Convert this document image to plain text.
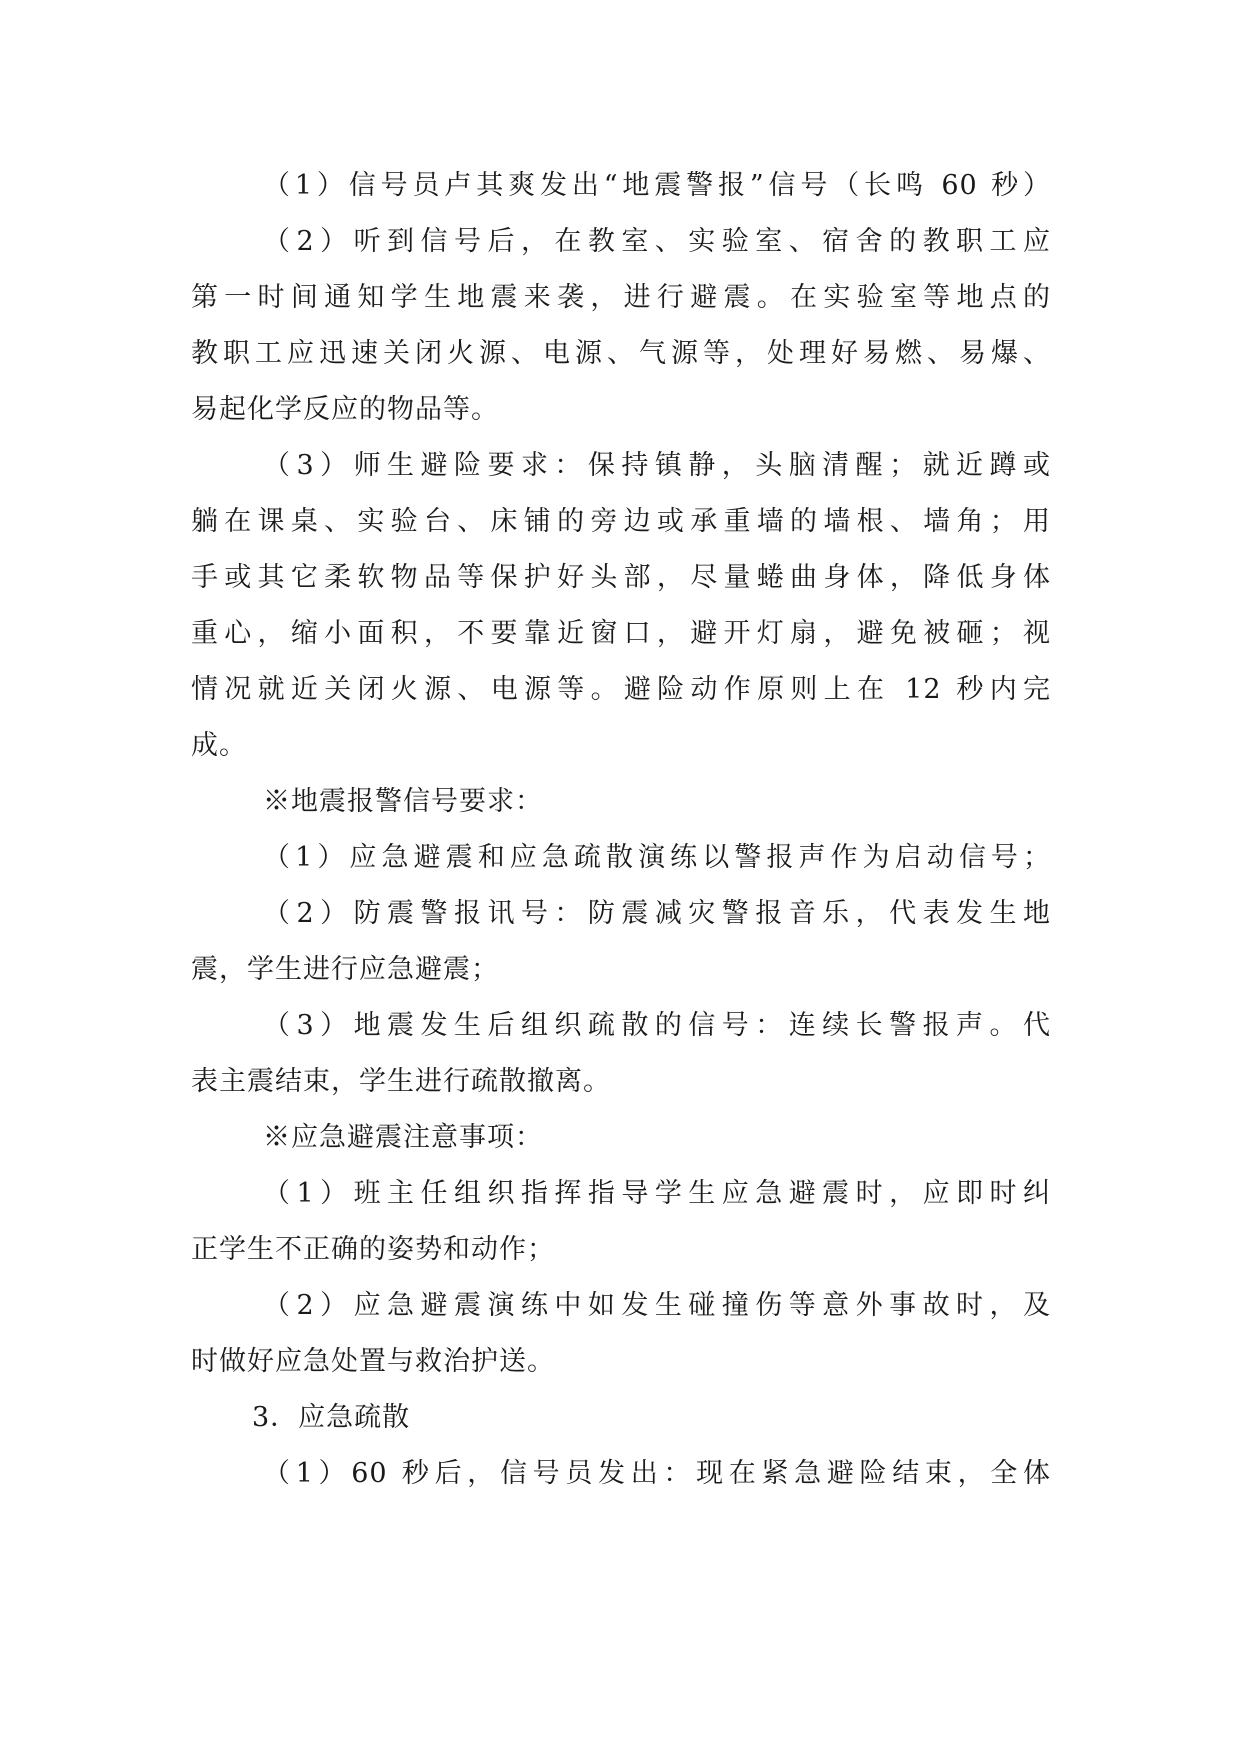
（1）信号员卢其爽发出“地震警报”信号（长鸣 60 秒）
（2）听到信号后，在教室、实验室、宿舍的教职工应
第一时间通知学生地震来袭，进行避震。在实验室等地点的
教职工应迅速关闭火源、电源、气源等，处理好易燃、易爆、
易起化学反应的物品等。
（3）师生避险要求：保持镇静，头脑清醒；就近蹲或
躺在课桌、实验台、床铺的旁边或承重墙的墙根、墙角；用
手或其它柔软物品等保护好头部，尽量蜷曲身体，降低身体
重心，缩小面积，不要靠近窗口，避开灯扇，避免被砸；视
情况就近关闭火源、电源等。避险动作原则上在 12 秒内完
成。
※地震报警信号要求：
（1）应急避震和应急疏散演练以警报声作为启动信号；
（2）防震警报讯号：防震减灾警报音乐，代表发生地
震，学生进行应急避震；
（3）地震发生后组织疏散的信号：连续长警报声。代
表主震结束，学生进行疏散撤离。
※应急避震注意事项：
（1）班主任组织指挥指导学生应急避震时，应即时纠
正学生不正确的姿势和动作；
（2）应急避震演练中如发生碰撞伤等意外事故时，及
时做好应急处置与救治护送。
3．应急疏散
（1）60 秒后，信号员发出：现在紧急避险结束，全体
